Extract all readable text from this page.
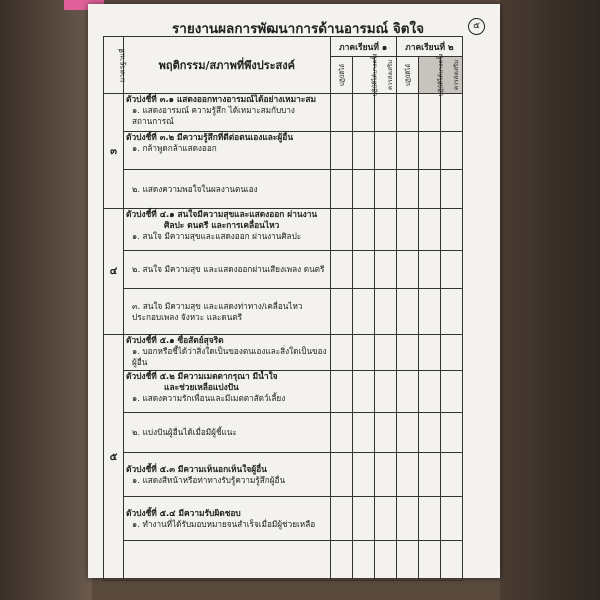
รายงานผลการพัฒนาการด้านอารมณ์ จิตใจ	๕
มาตรฐานที่	พฤติกรรม/สภาพที่พึงประสงค์	ภาคเรียนที่ ๑			ภาคเรียนที่ ๒		
		ปฏิบัติได้	ปฏิบัติได้บางครั้ง	ควรส่งเสริม	ปฏิบัติได้	ปฏิบัติได้บางครั้ง	ควรส่งเสริม
๓	ตัวบ่งชี้ที่ ๓.๑ แสดงออกทางอารมณ์ได้อย่างเหมาะสม
๑. แสดงอารมณ์ ความรู้สึก ได้เหมาะสมกับบางสถานการณ์						

	ตัวบ่งชี้ที่ ๓.๒ มีความรู้สึกที่ดีต่อตนเองและผู้อื่น
๑. กล้าพูดกล้าแสดงออก						

	๒. แสดงความพอใจในผลงานตนเอง						

๔	ตัวบ่งชี้ที่ ๔.๑ สนใจมีความสุขและแสดงออก ผ่านงาน
ศิลปะ ดนตรี และการเคลื่อนไหว
๑. สนใจ มีความสุขและแสดงออก ผ่านงานศิลปะ						

	๒. สนใจ มีความสุข และแสดงออกผ่านเสียงเพลง ดนตรี						

	๓. สนใจ มีความสุข และแสดงท่าทาง/เคลื่อนไหว
ประกอบเพลง จังหวะ และดนตรี						

๕	ตัวบ่งชี้ที่ ๕.๑ ซื่อสัตย์สุจริต
๑. บอกหรือชี้ได้ว่าสิ่งใดเป็นของตนเองและสิ่งใดเป็นของผู้อื่น						

	ตัวบ่งชี้ที่ ๕.๒ มีความเมตตากรุณา มีน้ำใจ
และช่วยเหลือแบ่งปัน
๑. แสดงความรักเพื่อนและมีเมตตาสัตว์เลี้ยง						

	๒. แบ่งปันผู้อื่นได้เมื่อมีผู้ชี้แนะ						

	ตัวบ่งชี้ที่ ๕.๓ มีความเห็นอกเห็นใจผู้อื่น
๑. แสดงสีหน้าหรือท่าทางรับรู้ความรู้สึกผู้อื่น						

	ตัวบ่งชี้ที่ ๕.๔ มีความรับผิดชอบ
๑. ทำงานที่ได้รับมอบหมายจนสำเร็จเมื่อมีผู้ช่วยเหลือ						
